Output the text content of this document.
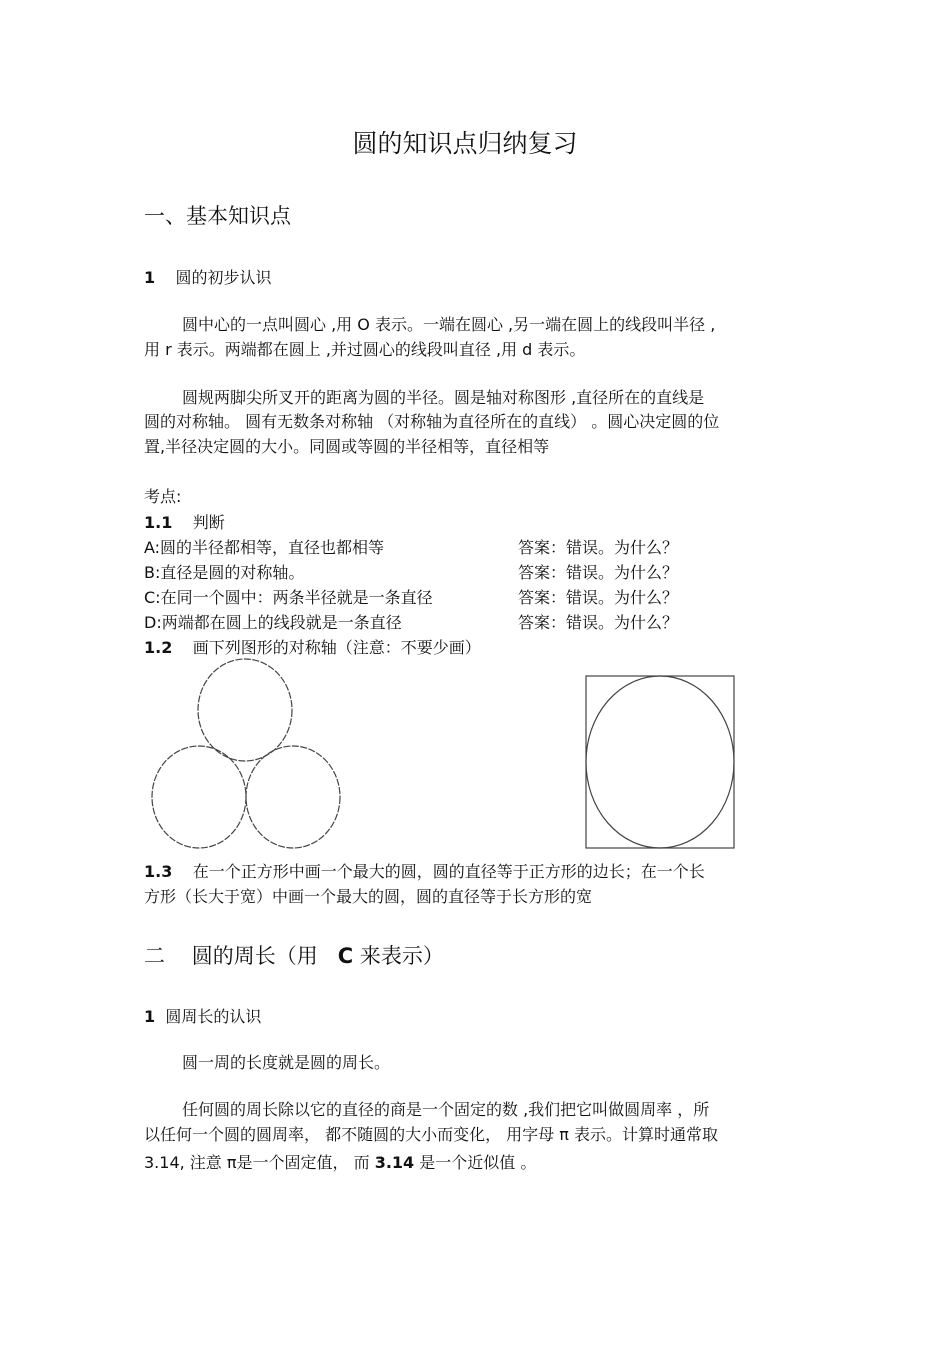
圆的知识点归纳复习
一、基本知识点
1 圆的初步认识
圆中心的一点叫圆心 ,用 O 表示。一端在圆心 ,另一端在圆上的线段叫半径 ,
用 r 表示。两端都在圆上 ,并过圆心的线段叫直径 ,用 d 表示。
圆规两脚尖所叉开的距离为圆的半径。圆是轴对称图形 ,直径所在的直线是
圆的对称轴。 圆有无数条对称轴 （对称轴为直径所在的直线） 。圆心决定圆的位
置,半径决定圆的大小。同圆或等圆的半径相等，直径相等
考点:
1.1 判断
A:圆的半径都相等，直径也都相等	答案：错误。为什么？
B:直径是圆的对称轴。	答案：错误。为什么？
C:在同一个圆中：两条半径就是一条直径	答案：错误。为什么？
D:两端都在圆上的线段就是一条直径	答案：错误。为什么？
1.2 画下列图形的对称轴（注意：不要少画）
1.3 在一个正方形中画一个最大的圆，圆的直径等于正方形的边长；在一个长
方形（长大于宽）中画一个最大的圆，圆的直径等于长方形的宽
二 圆的周长（用 C 来表示）
1 圆周长的认识
圆一周的长度就是圆的周长。
任何圆的周长除以它的直径的商是一个固定的数 ,我们把它叫做圆周率 ，所
以任何一个圆的圆周率， 都不随圆的大小而变化， 用字母 π 表示。计算时通常取
3.14, 注意 π是一个固定值， 而 3.14 是一个近似值 。
